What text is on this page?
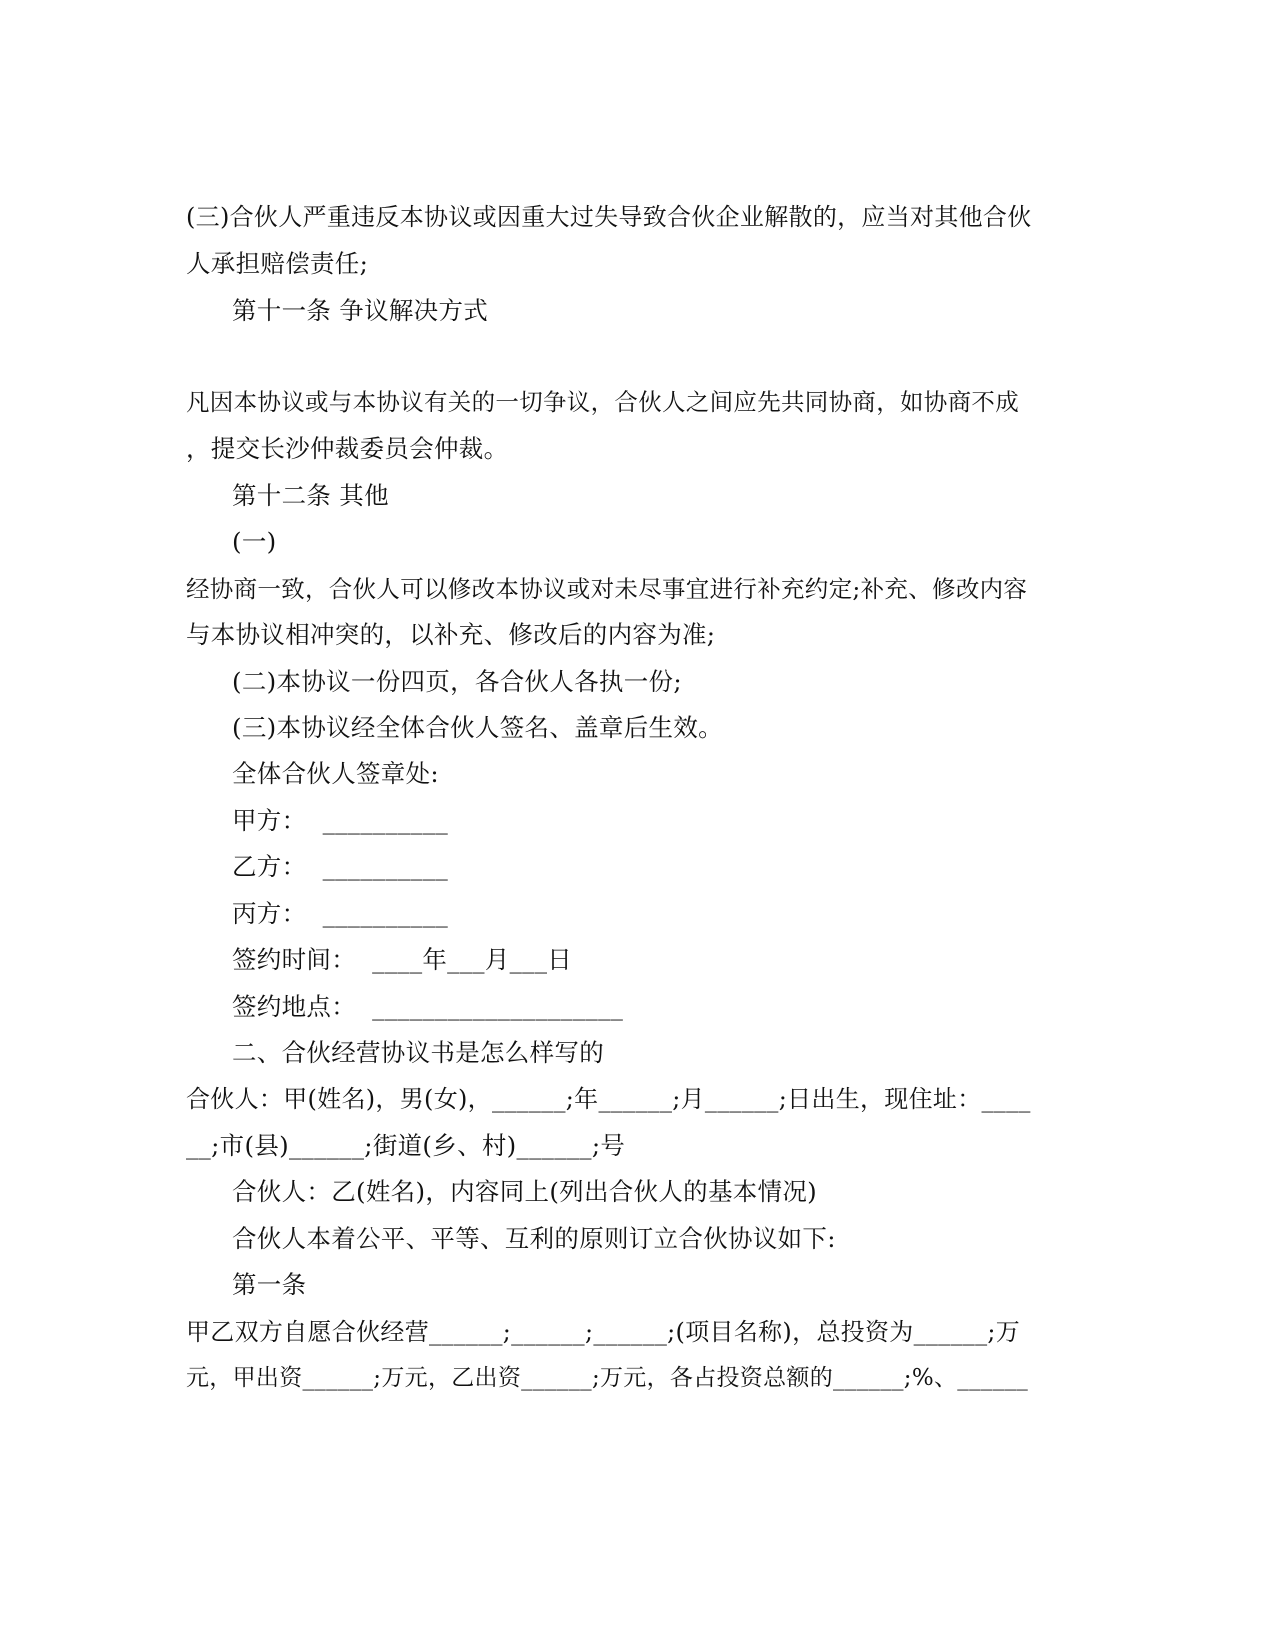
(三)合伙人严重违反本协议或因重大过失导致合伙企业解散的，应当对其他合伙
人承担赔偿责任;
第十一条 争议解决方式
凡因本协议或与本协议有关的一切争议，合伙人之间应先共同协商，如协商不成
，提交长沙仲裁委员会仲裁。
第十二条 其他
(一)
经协商一致，合伙人可以修改本协议或对未尽事宜进行补充约定;补充、修改内容
与本协议相冲突的，以补充、修改后的内容为准;
(二)本协议一份四页，各合伙人各执一份;
(三)本协议经全体合伙人签名、盖章后生效。
全体合伙人签章处:
甲方：  __________
乙方：  __________
丙方：  __________
签约时间：  ____年___月___日
签约地点：  ____________________
二、合伙经营协议书是怎么样写的
合伙人：甲(姓名)，男(女)，______;年______;月______;日出生，现住址：____
__;市(县)______;街道(乡、村)______;号
合伙人：乙(姓名)，内容同上(列出合伙人的基本情况)
合伙人本着公平、平等、互利的原则订立合伙协议如下:
第一条
甲乙双方自愿合伙经营______;______;______;(项目名称)，总投资为______;万
元，甲出资______;万元，乙出资______;万元，各占投资总额的______;%、______
